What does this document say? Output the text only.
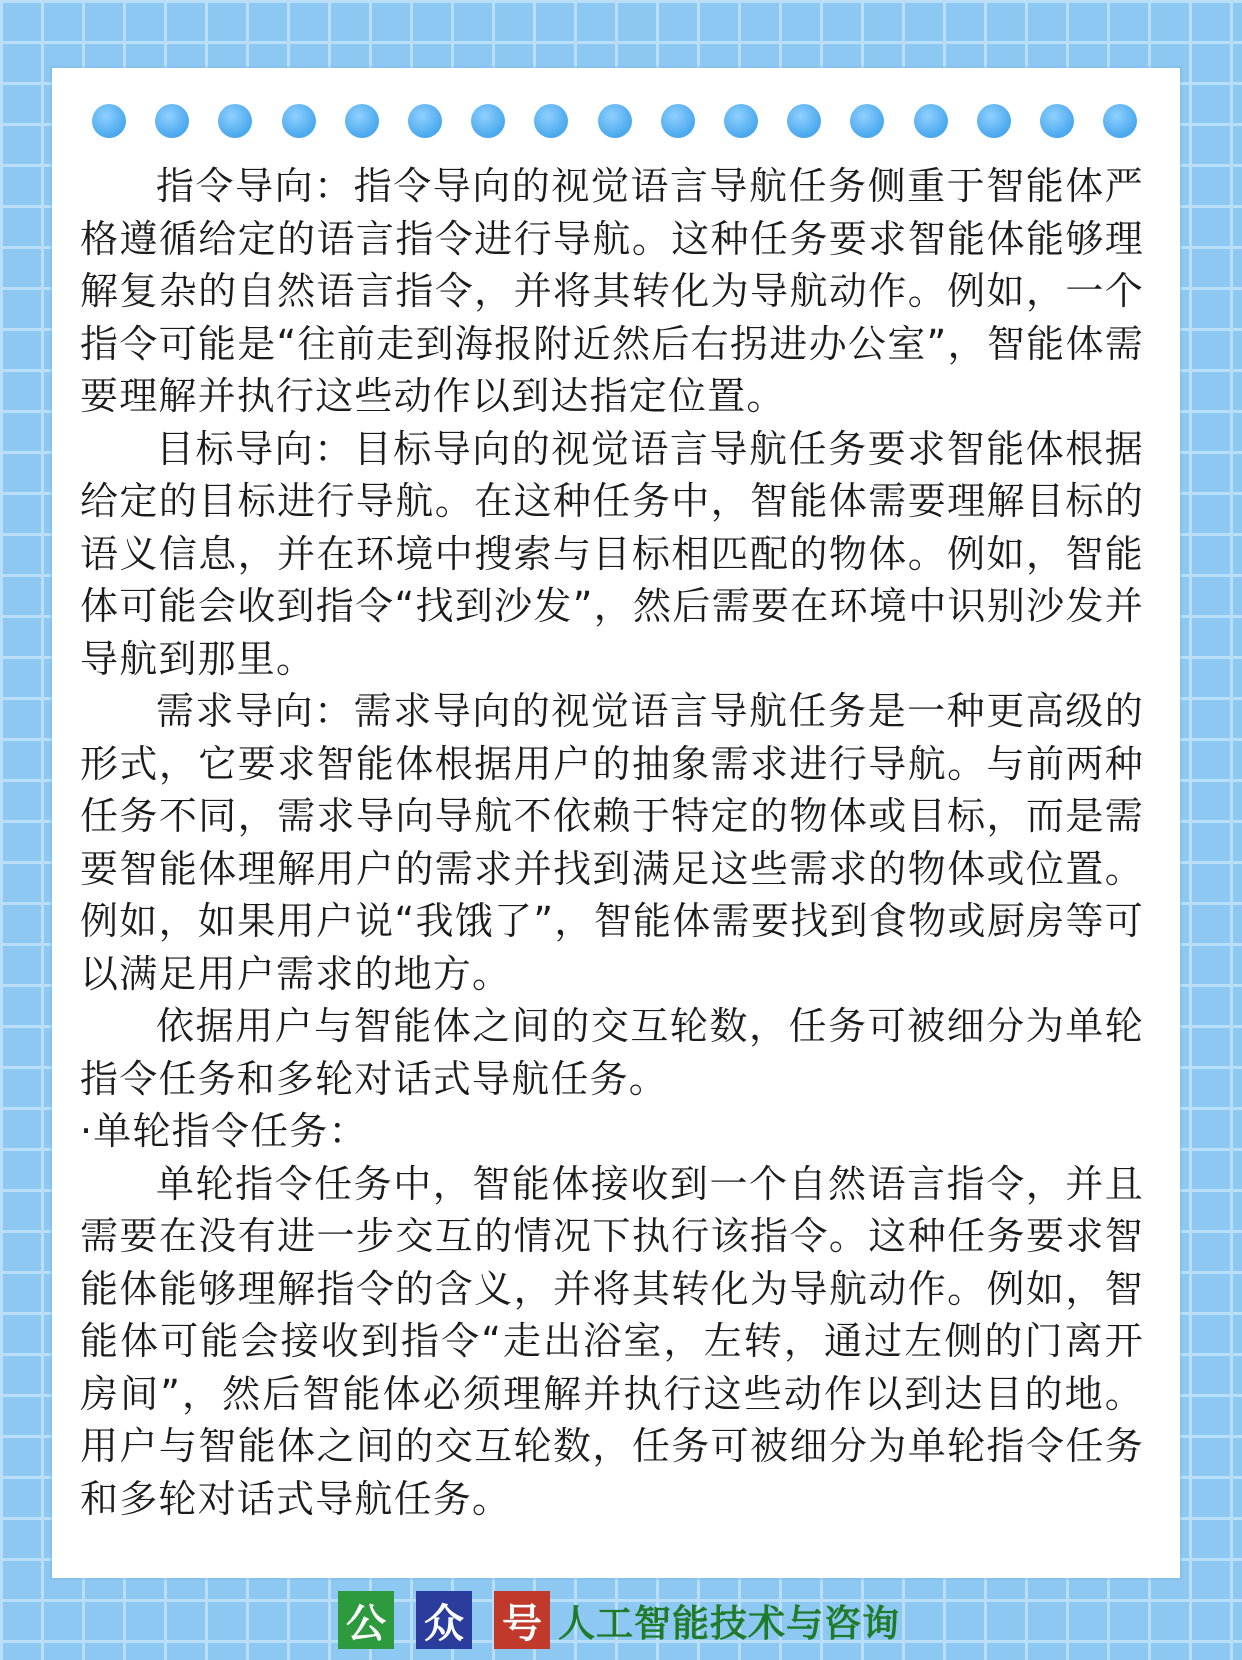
指令导向：指令导向的视觉语言导航任务侧重于智能体严格遵循给定的语言指令进行导航。这种任务要求智能体能够理解复杂的自然语言指令，并将其转化为导航动作。例如，一个指令可能是“往前走到海报附近然后右拐进办公室”，智能体需要理解并执行这些动作以到达指定位置。

目标导向：目标导向的视觉语言导航任务要求智能体根据给定的目标进行导航。在这种任务中，智能体需要理解目标的语义信息，并在环境中搜索与目标相匹配的物体。例如，智能体可能会收到指令“找到沙发”，然后需要在环境中识别沙发并导航到那里。

需求导向：需求导向的视觉语言导航任务是一种更高级的形式，它要求智能体根据用户的抽象需求进行导航。与前两种任务不同，需求导向导航不依赖于特定的物体或目标，而是需要智能体理解用户的需求并找到满足这些需求的物体或位置。例如，如果用户说“我饿了”，智能体需要找到食物或厨房等可以满足用户需求的地方。

依据用户与智能体之间的交互轮数，任务可被细分为单轮指令任务和多轮对话式导航任务。

·单轮指令任务：

单轮指令任务中，智能体接收到一个自然语言指令，并且需要在没有进一步交互的情况下执行该指令。这种任务要求智能体能够理解指令的含义，并将其转化为导航动作。例如，智能体可能会接收到指令“走出浴室，左转，通过左侧的门离开房间”，然后智能体必须理解并执行这些动作以到达目的地。用户与智能体之间的交互轮数，任务可被细分为单轮指令任务和多轮对话式导航任务。

公 众 号 人工智能技术与咨询
